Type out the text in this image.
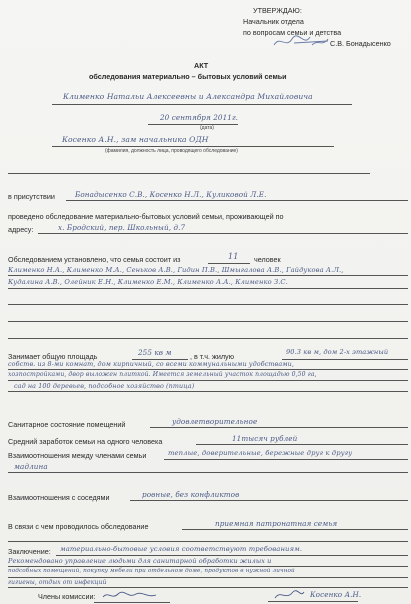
УТВЕРЖДАЮ:
Начальник отдела
по вопросам семьи и детства
С.В. Бонадысенко
АКТ
обследования материально – бытовых условий семьи
Клименко Натальи Алексеевны и Александра Михайловича
20 сентября 2011г.
(дата)
Косенко А.Н., зам начальника ОДН
(фамилия, должность лица, проводящего обследование)
в присутствии	Бонадысенко С.В., Косенко Н.Л., Куликовой Л.Е.
проведено обследование материально-бытовых условий семьи, проживающей по
адресу:	х. Бродский, пер. Школьный, д.7
Обследованием установлено, что семья состоит из	11 человек
Клименко Н.А., Клименко М.А., Сеньков А.В., Гидин П.В., Шмыгалова А.В., Гайдукова А.Л.,
Кудалина А.В., Олейник Е.Н., Клименко Е.М., Клименко А.А., Клименко З.С.
Занимает общую площадь	255 кв м	, в т.ч. жилую	90.3 кв м, дом 2-х этажный
собств. из 8-ми комнат, дом кирпичный, со всеми коммунальными удобствами,
хозпостройками, двор выложен плиткой. Имеется земельный участок площадью 0,50 га,
сад на 100 деревьев, подсобное хозяйство (птица)
Санитарное состояние помещений	удовлетворительное
Средний заработок семьи на одного человека	11тысяч рублей
Взаимоотношения между членами семьи	теплые, доверительные, бережные друг к другу
мадлина
Взаимоотношения с соседями	ровные, без конфликтов
В связи с чем проводилось обследование	приемная патронатная семья
Заключение: материально-бытовые условия соответствуют требованиям.
Рекомендовано управление людьми для санитарной обработки жилых и
подсобных помещений, покупку мебели при отдельном доме, продуктов в нужной личной
гигиены, отдых от инфекций
Члены комиссии:	Косенко А.Н.
